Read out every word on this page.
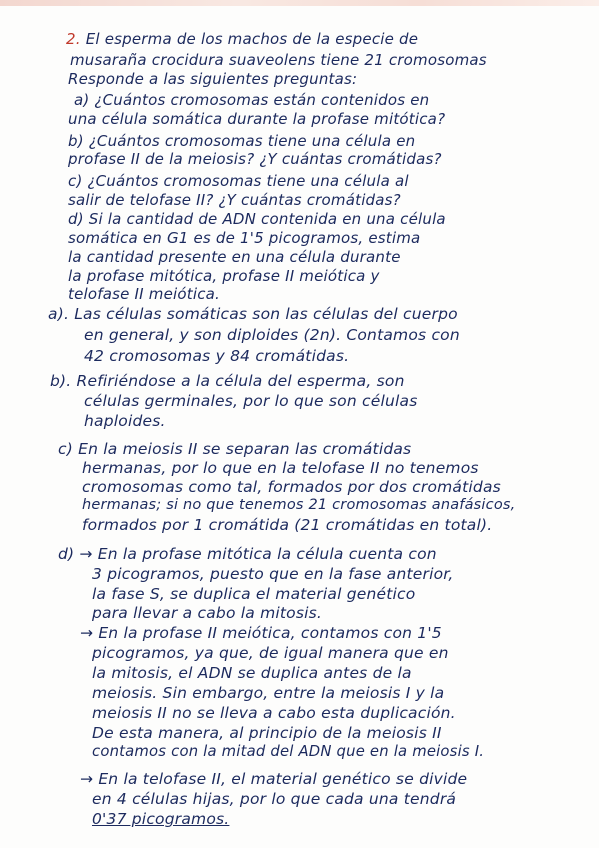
2. El esperma de los machos de la especie de
musaraña crocidura suaveolens tiene 21 cromosomas
Responde a las siguientes preguntas:
a) ¿Cuántos cromosomas están contenidos en
una célula somática durante la profase mitótica?
b) ¿Cuántos cromosomas tiene una célula en
profase II de la meiosis? ¿Y cuántas cromátidas?
c) ¿Cuántos cromosomas tiene una célula al
salir de telofase II? ¿Y cuántas cromátidas?
d) Si la cantidad de ADN contenida en una célula
somática en G1 es de 1'5 picogramos, estima
la cantidad presente en una célula durante
la profase mitótica, profase II meiótica y
telofase II meiótica.
a). Las células somáticas son las células del cuerpo
en general, y son diploides (2n). Contamos con
42 cromosomas y 84 cromátidas.
b). Refiriéndose a la célula del esperma, son
células germinales, por lo que son células
haploides.
c) En la meiosis II se separan las cromátidas
hermanas, por lo que en la telofase II no tenemos
cromosomas como tal, formados por dos cromátidas
hermanas; si no que tenemos 21 cromosomas anafásicos,
formados por 1 cromátida (21 cromátidas en total).
d) → En la profase mitótica la célula cuenta con
3 picogramos, puesto que en la fase anterior,
la fase S, se duplica el material genético
para llevar a cabo la mitosis.
→ En la profase II meiótica, contamos con 1'5
picogramos, ya que, de igual manera que en
la mitosis, el ADN se duplica antes de la
meiosis. Sin embargo, entre la meiosis I y la
meiosis II no se lleva a cabo esta duplicación.
De esta manera, al principio de la meiosis II
contamos con la mitad del ADN que en la meiosis I.
→ En la telofase II, el material genético se divide
en 4 células hijas, por lo que cada una tendrá
0'37 picogramos.
